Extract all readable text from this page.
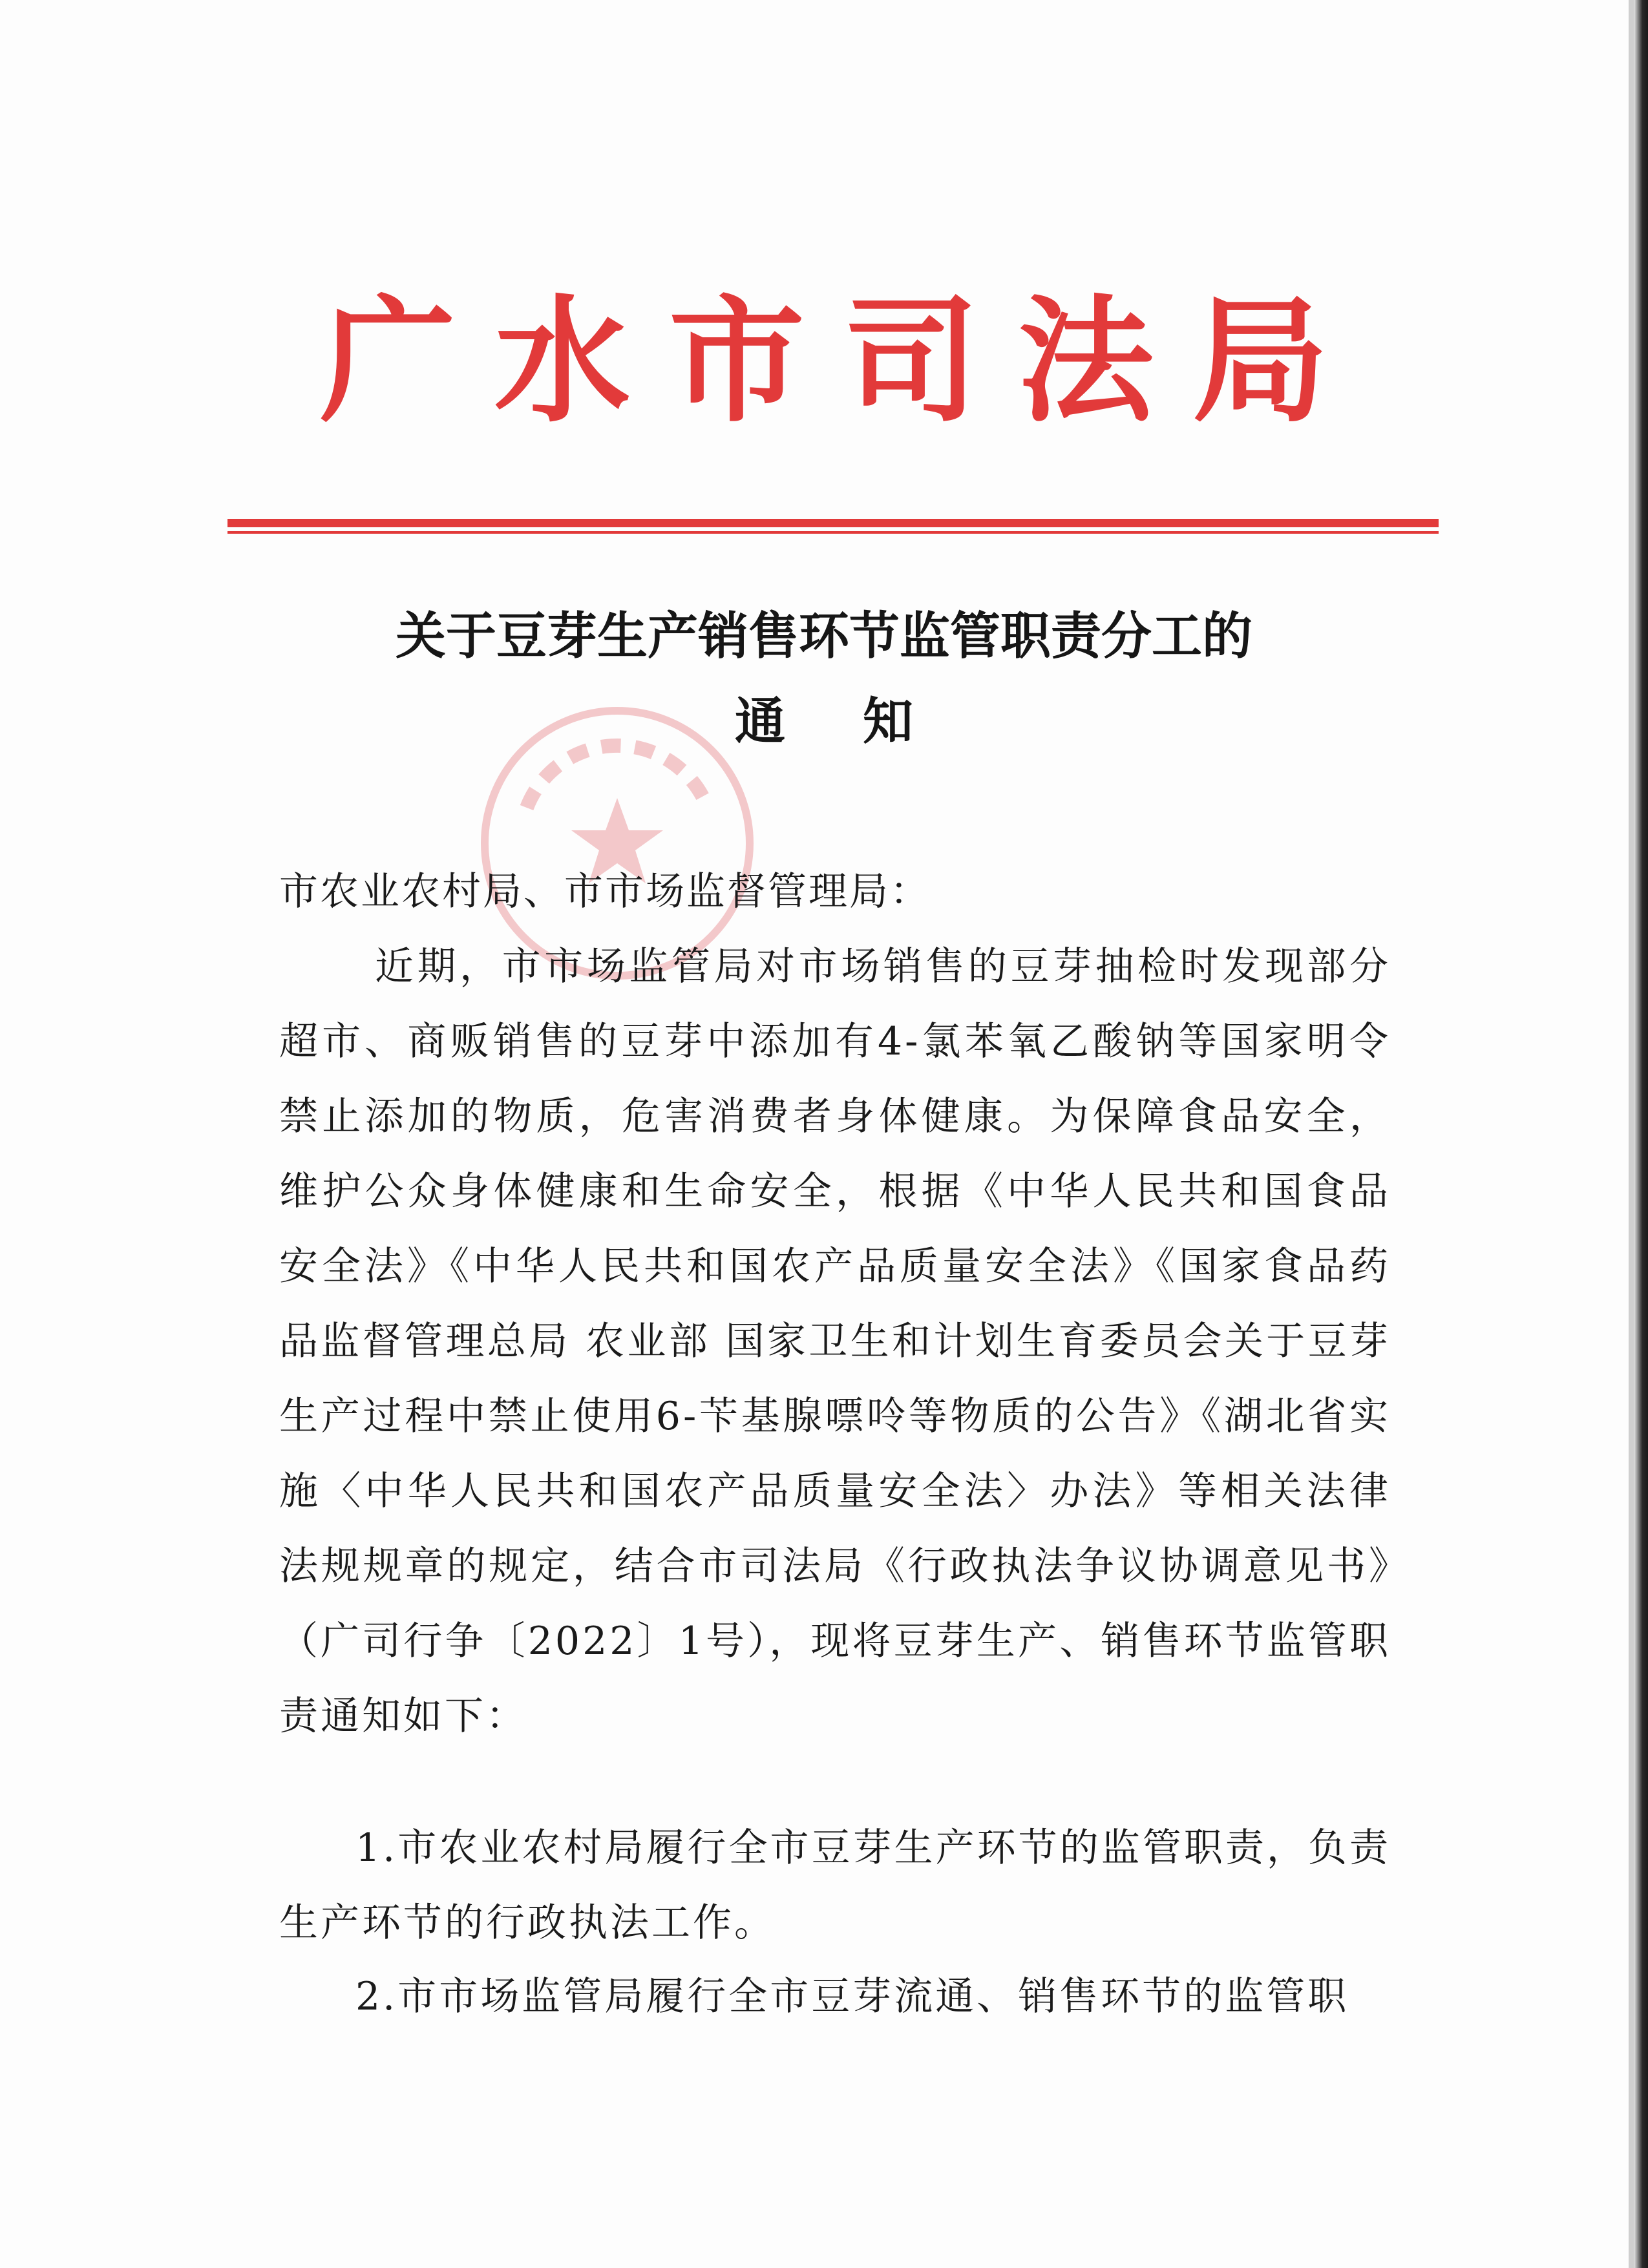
广水市司法局
关于豆芽生产销售环节监管职责分工的
通知
市农业农村局、市市场监督管理局：
近期，市市场监管局对市场销售的豆芽抽检时发现部分超市、商贩销售的豆芽中添加有4-氯苯氧乙酸钠等国家明令禁止添加的物质，危害消费者身体健康。为保障食品安全，维护公众身体健康和生命安全，根据《中华人民共和国食品安全法》《中华人民共和国农产品质量安全法》《国家食品药品监督管理总局 农业部 国家卫生和计划生育委员会关于豆芽生产过程中禁止使用6-苄基腺嘌呤等物质的公告》《湖北省实施〈中华人民共和国农产品质量安全法〉办法》等相关法律法规规章的规定，结合市司法局《行政执法争议协调意见书》（广司行争〔2022〕1号），现将豆芽生产、销售环节监管职责通知如下：
1.市农业农村局履行全市豆芽生产环节的监管职责，负责生产环节的行政执法工作。
2.市市场监管局履行全市豆芽流通、销售环节的监管职
